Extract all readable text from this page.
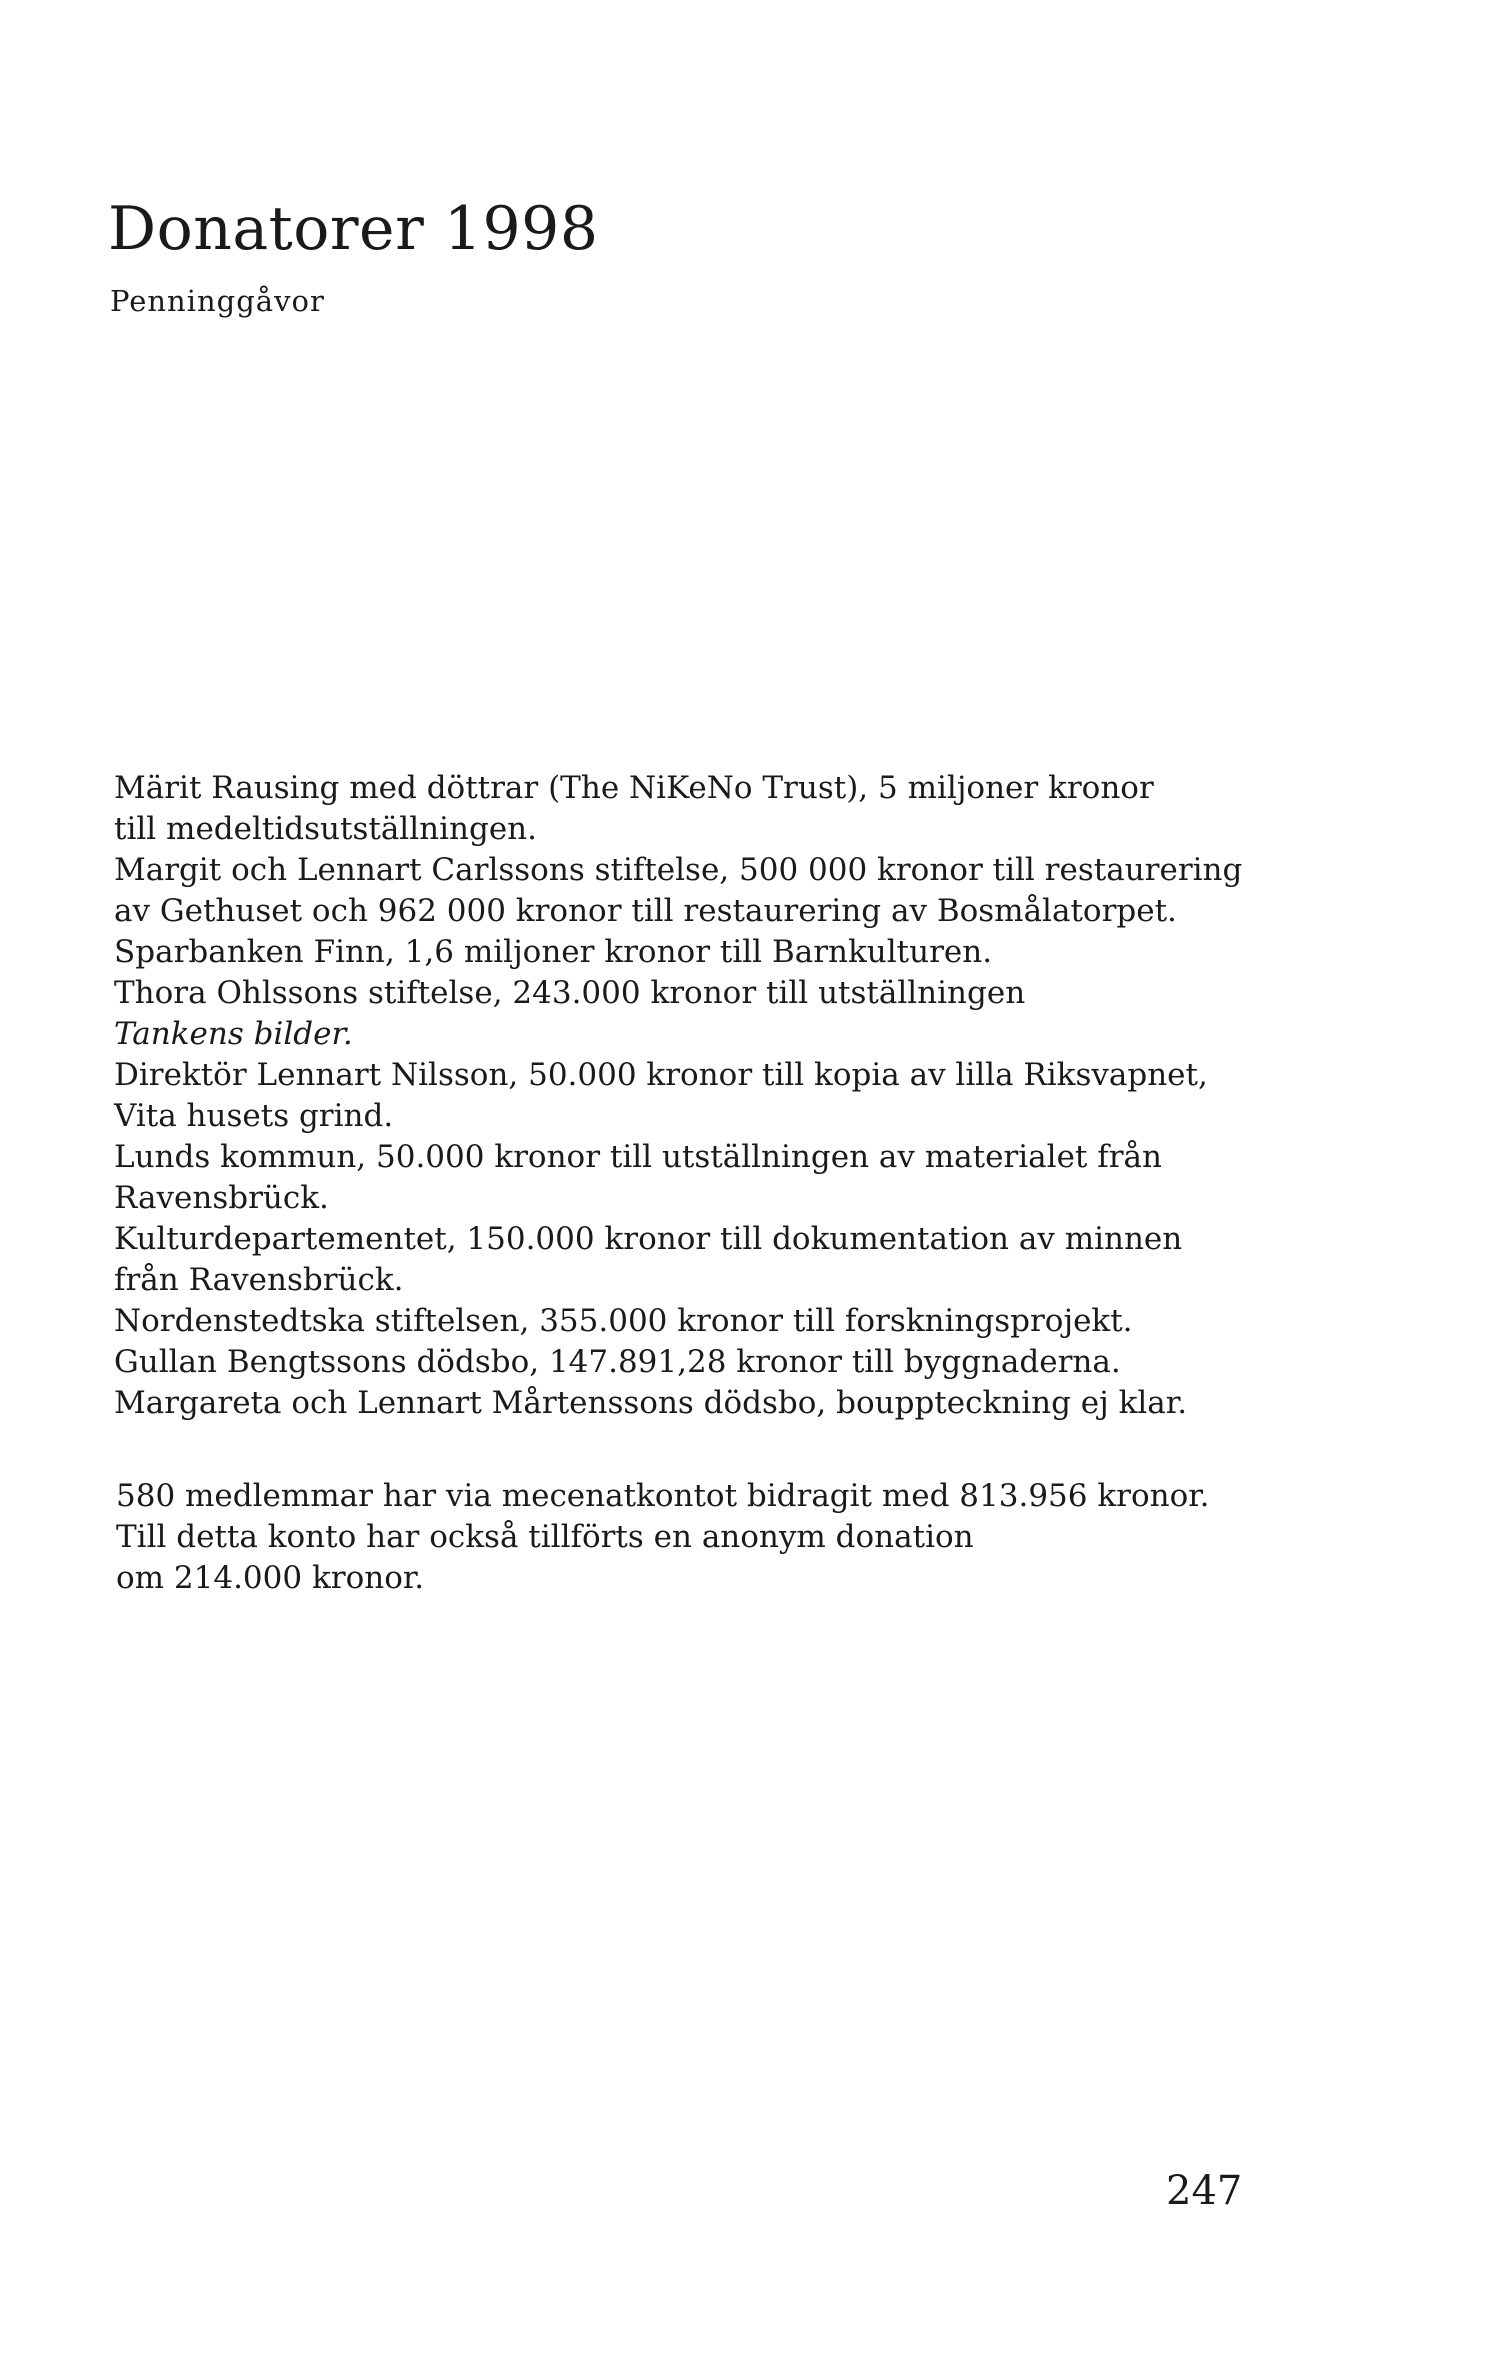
Donatorer 1998

Penninggåvor

Märit Rausing med döttrar (The NiKeNo Trust), 5 miljoner kronor
till medeltidsutställningen.
Margit och Lennart Carlssons stiftelse, 500 000 kronor till restaurering
av Gethuset och 962 000 kronor till restaurering av Bosmålatorpet.
Sparbanken Finn, 1,6 miljoner kronor till Barnkulturen.
Thora Ohlssons stiftelse, 243.000 kronor till utställningen
Tankens bilder.
Direktör Lennart Nilsson, 50.000 kronor till kopia av lilla Riksvapnet,
Vita husets grind.
Lunds kommun, 50.000 kronor till utställningen av materialet från
Ravensbrück.
Kulturdepartementet, 150.000 kronor till dokumentation av minnen
från Ravensbrück.
Nordenstedtska stiftelsen, 355.000 kronor till forskningsprojekt.
Gullan Bengtssons dödsbo, 147.891,28 kronor till byggnaderna.
Margareta och Lennart Mårtenssons dödsbo, bouppteckning ej klar.
580 medlemmar har via mecenatkontot bidragit med 813.956 kronor.
Till detta konto har också tillförts en anonym donation
om 214.000 kronor.

247
